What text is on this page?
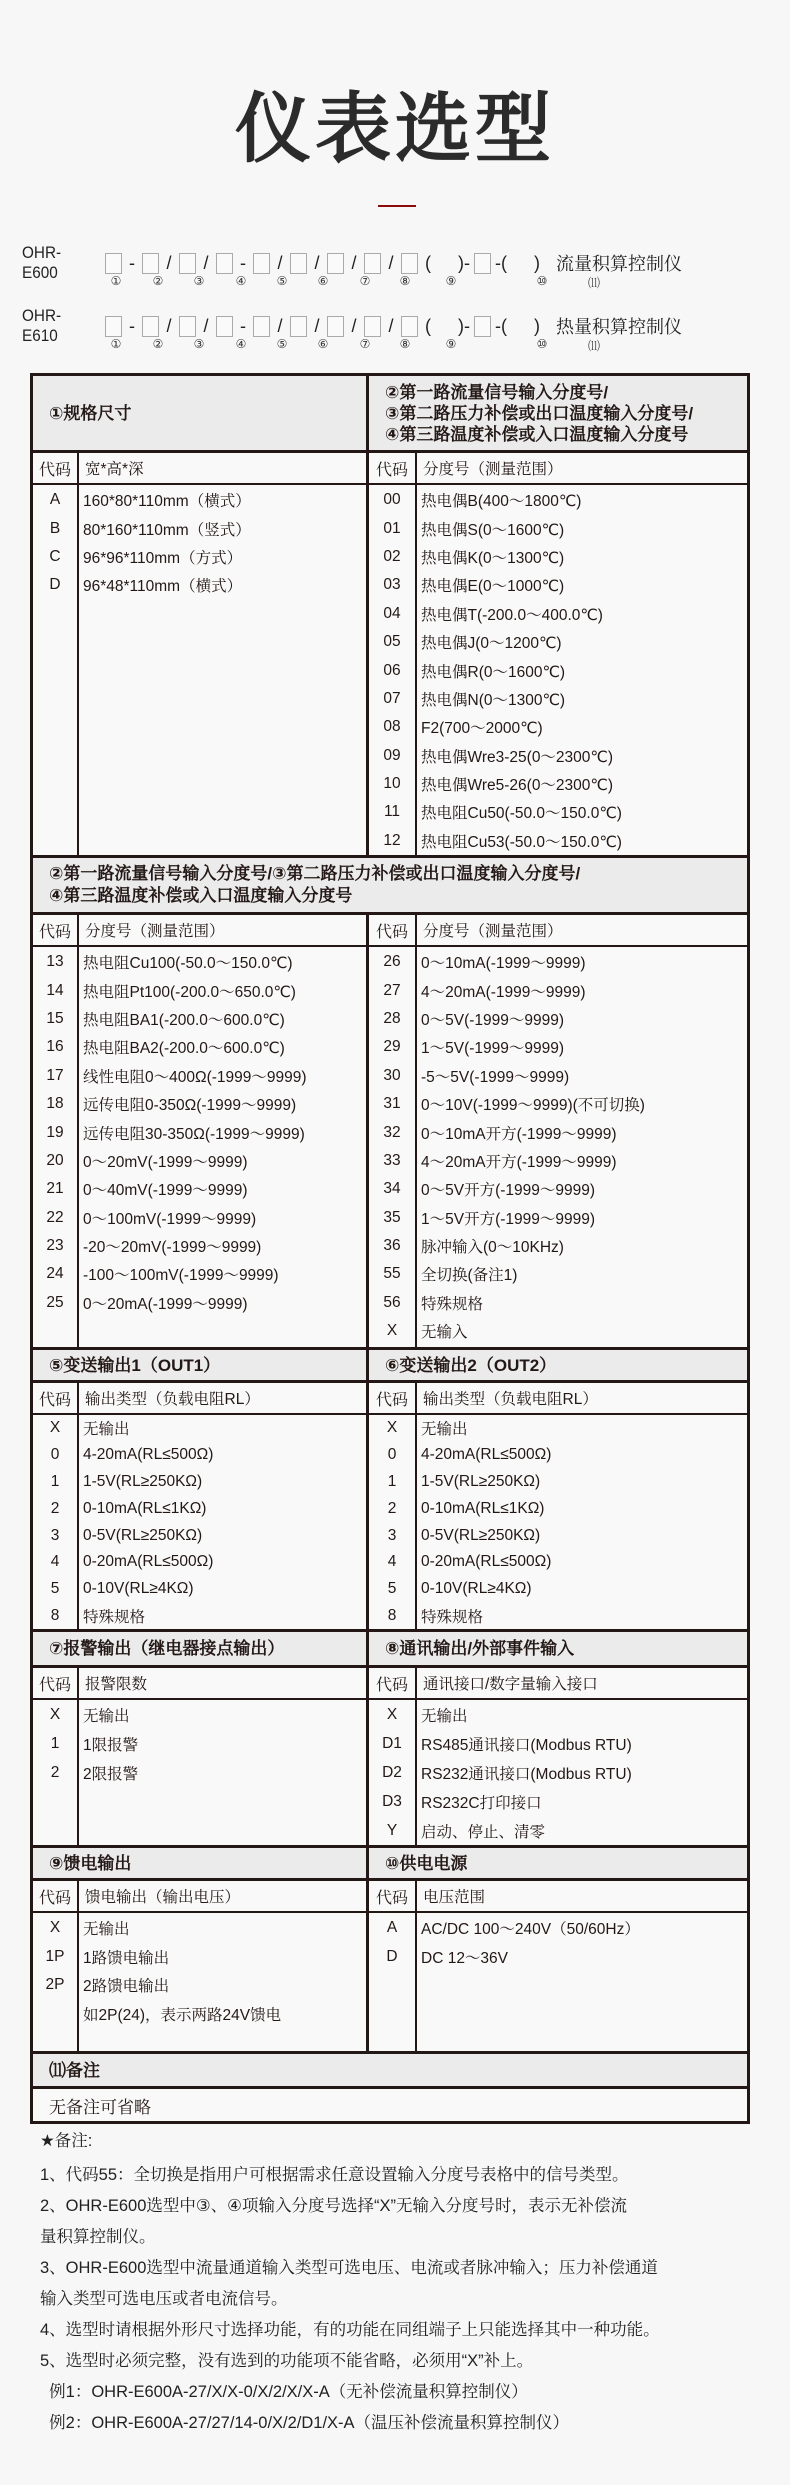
仪表选型
OHR-E600	- / / - / / / / ( )- -( ) 流量积算控制仪
①	②	③	④	⑤	⑥	⑦	⑧	⑨	⑩	⑾
OHR-E610	- / / - / / / / ( )- -( ) 热量积算控制仪
①	②	③	④	⑤	⑥	⑦	⑧	⑨	⑩	⑾
①规格尺寸
代码 宽*高*深
A	160*80*110mm（横式）
B	80*160*110mm（竖式）
C	96*96*110mm（方式）
D	96*48*110mm（横式）
②第一路流量信号输入分度号/
③第二路压力补偿或出口温度输入分度号/
④第三路温度补偿或入口温度输入分度号
代码 分度号（测量范围）
00	热电偶B(400～1800℃)
01	热电偶S(0～1600℃)
02	热电偶K(0～1300℃)
03	热电偶E(0～1000℃)
04	热电偶T(-200.0～400.0℃)
05	热电偶J(0～1200℃)
06	热电偶R(0～1600℃)
07	热电偶N(0～1300℃)
08	F2(700～2000℃)
09	热电偶Wre3-25(0～2300℃)
10	热电偶Wre5-26(0～2300℃)
11	热电阻Cu50(-50.0～150.0℃)
12	热电阻Cu53(-50.0～150.0℃)
②第一路流量信号输入分度号/③第二路压力补偿或出口温度输入分度号/
④第三路温度补偿或入口温度输入分度号
代码 分度号（测量范围）
13	热电阻Cu100(-50.0～150.0℃)
14	热电阻Pt100(-200.0～650.0℃)
15	热电阻BA1(-200.0～600.0℃)
16	热电阻BA2(-200.0～600.0℃)
17	线性电阻0～400Ω(-1999～9999)
18	远传电阻0-350Ω(-1999～9999)
19	远传电阻30-350Ω(-1999～9999)
20	0～20mV(-1999～9999)
21	0～40mV(-1999～9999)
22	0～100mV(-1999～9999)
23	-20～20mV(-1999～9999)
24	-100～100mV(-1999～9999)
25	0～20mA(-1999～9999)
代码 分度号（测量范围）
26	0～10mA(-1999～9999)
27	4～20mA(-1999～9999)
28	0～5V(-1999～9999)
29	1～5V(-1999～9999)
30	-5～5V(-1999～9999)
31	0～10V(-1999～9999)(不可切换)
32	0～10mA开方(-1999～9999)
33	4～20mA开方(-1999～9999)
34	0～5V开方(-1999～9999)
35	1～5V开方(-1999～9999)
36	脉冲输入(0～10KHz)
55	全切换(备注1)
56	特殊规格
X	无输入
⑤变送输出1（OUT1）
代码 输出类型（负载电阻RL）
X	无输出
0	4-20mA(RL≤500Ω)
1	1-5V(RL≥250KΩ)
2	0-10mA(RL≤1KΩ)
3	0-5V(RL≥250KΩ)
4	0-20mA(RL≤500Ω)
5	0-10V(RL≥4KΩ)
8	特殊规格
⑥变送输出2（OUT2）
代码 输出类型（负载电阻RL）
X	无输出
0	4-20mA(RL≤500Ω)
1	1-5V(RL≥250KΩ)
2	0-10mA(RL≤1KΩ)
3	0-5V(RL≥250KΩ)
4	0-20mA(RL≤500Ω)
5	0-10V(RL≥4KΩ)
8	特殊规格
⑦报警输出（继电器接点输出）
代码 报警限数
X	无输出
1	1限报警
2	2限报警
⑧通讯输出/外部事件输入
代码 通讯接口/数字量输入接口
X	无输出
D1	RS485通讯接口(Modbus RTU)
D2	RS232通讯接口(Modbus RTU)
D3	RS232C打印接口
Y	启动、停止、清零
⑨馈电输出
代码 馈电输出（输出电压）
X	无输出
1P	1路馈电输出
2P	2路馈电输出
如2P(24)，表示两路24V馈电
⑩供电电源
代码 电压范围
A	AC/DC 100～240V（50/60Hz）
D	DC 12～36V
⑾备注
无备注可省略
★备注:
1、代码55：全切换是指用户可根据需求任意设置输入分度号表格中的信号类型。
2、OHR-E600选型中③、④项输入分度号选择“X”无输入分度号时，表示无补偿流
量积算控制仪。
3、OHR-E600选型中流量通道输入类型可选电压、电流或者脉冲输入；压力补偿通道
输入类型可选电压或者电流信号。
4、选型时请根据外形尺寸选择功能，有的功能在同组端子上只能选择其中一种功能。
5、选型时必须完整，没有选到的功能项不能省略，必须用“X”补上。
例1：OHR-E600A-27/X/X-0/X/2/X/X-A（无补偿流量积算控制仪）
例2：OHR-E600A-27/27/14-0/X/2/D1/X-A（温压补偿流量积算控制仪）
